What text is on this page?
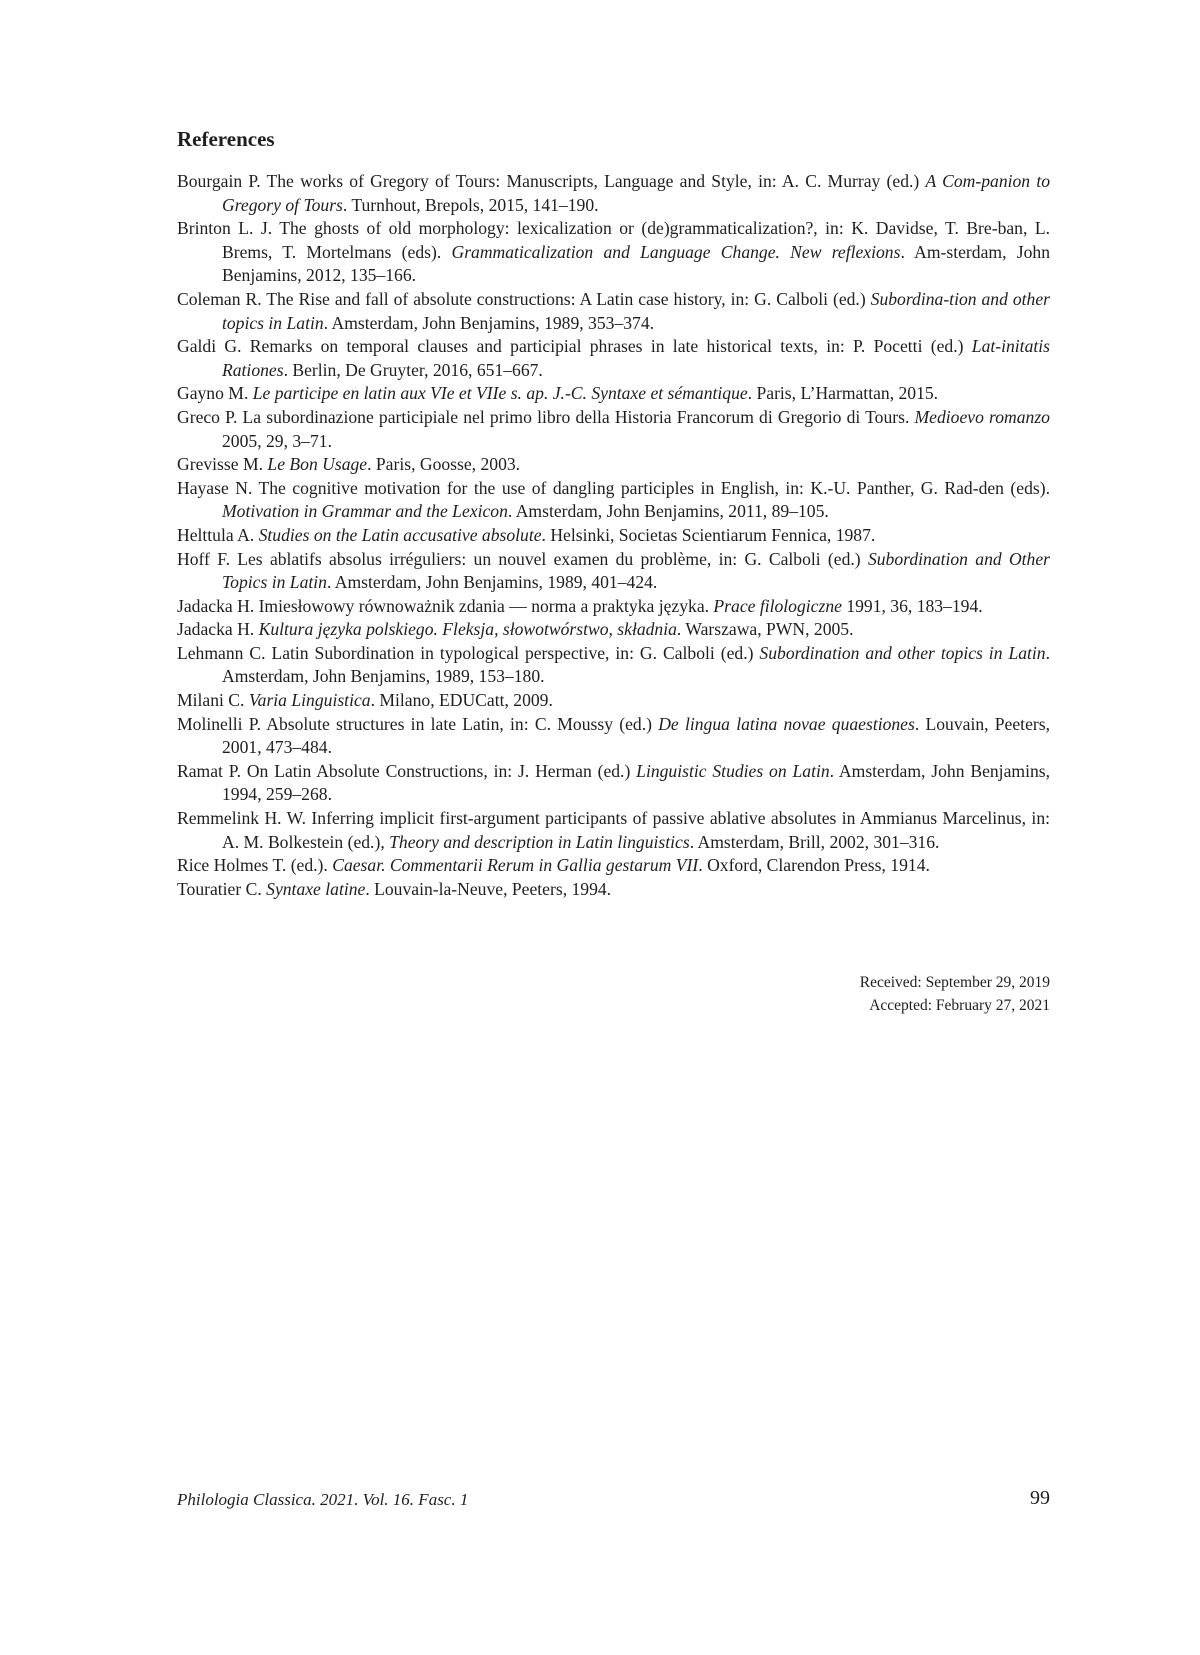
References
Bourgain P. The works of Gregory of Tours: Manuscripts, Language and Style, in: A. C. Murray (ed.) A Com-panion to Gregory of Tours. Turnhout, Brepols, 2015, 141–190.
Brinton L. J. The ghosts of old morphology: lexicalization or (de)grammaticalization?, in: K. Davidse, T. Bre-ban, L. Brems, T. Mortelmans (eds). Grammaticalization and Language Change. New reflexions. Am-sterdam, John Benjamins, 2012, 135–166.
Coleman R. The Rise and fall of absolute constructions: A Latin case history, in: G. Calboli (ed.) Subordina-tion and other topics in Latin. Amsterdam, John Benjamins, 1989, 353–374.
Galdi G. Remarks on temporal clauses and participial phrases in late historical texts, in: P. Pocetti (ed.) Lat-initatis Rationes. Berlin, De Gruyter, 2016, 651–667.
Gayno M. Le participe en latin aux VIe et VIIe s. ap. J.-C. Syntaxe et sémantique. Paris, L’Harmattan, 2015.
Greco P. La subordinazione participiale nel primo libro della Historia Francorum di Gregorio di Tours. Medioevo romanzo 2005, 29, 3–71.
Grevisse M. Le Bon Usage. Paris, Goosse, 2003.
Hayase N. The cognitive motivation for the use of dangling participles in English, in: K.-U. Panther, G. Rad-den (eds). Motivation in Grammar and the Lexicon. Amsterdam, John Benjamins, 2011, 89–105.
Helttula A. Studies on the Latin accusative absolute. Helsinki, Societas Scientiarum Fennica, 1987.
Hoff F. Les ablatifs absolus irréguliers: un nouvel examen du problème, in: G. Calboli (ed.) Subordination and Other Topics in Latin. Amsterdam, John Benjamins, 1989, 401–424.
Jadacka H. Imiesłowowy równoważnik zdania — norma a praktyka języka. Prace filologiczne 1991, 36, 183–194.
Jadacka H. Kultura języka polskiego. Fleksja, słowotwórstwo, składnia. Warszawa, PWN, 2005.
Lehmann C. Latin Subordination in typological perspective, in: G. Calboli (ed.) Subordination and other topics in Latin. Amsterdam, John Benjamins, 1989, 153–180.
Milani C. Varia Linguistica. Milano, EDUCatt, 2009.
Molinelli P. Absolute structures in late Latin, in: C. Moussy (ed.) De lingua latina novae quaestiones. Louvain, Peeters, 2001, 473–484.
Ramat P. On Latin Absolute Constructions, in: J. Herman (ed.) Linguistic Studies on Latin. Amsterdam, John Benjamins, 1994, 259–268.
Remmelink H. W. Inferring implicit first-argument participants of passive ablative absolutes in Ammianus Marcelinus, in: A. M. Bolkestein (ed.), Theory and description in Latin linguistics. Amsterdam, Brill, 2002, 301–316.
Rice Holmes T. (ed.). Caesar. Commentarii Rerum in Gallia gestarum VII. Oxford, Clarendon Press, 1914.
Touratier C. Syntaxe latine. Louvain-la-Neuve, Peeters, 1994.
Received: September 29, 2019
Accepted: February 27, 2021
Philologia Classica. 2021. Vol. 16. Fasc. 1	99
